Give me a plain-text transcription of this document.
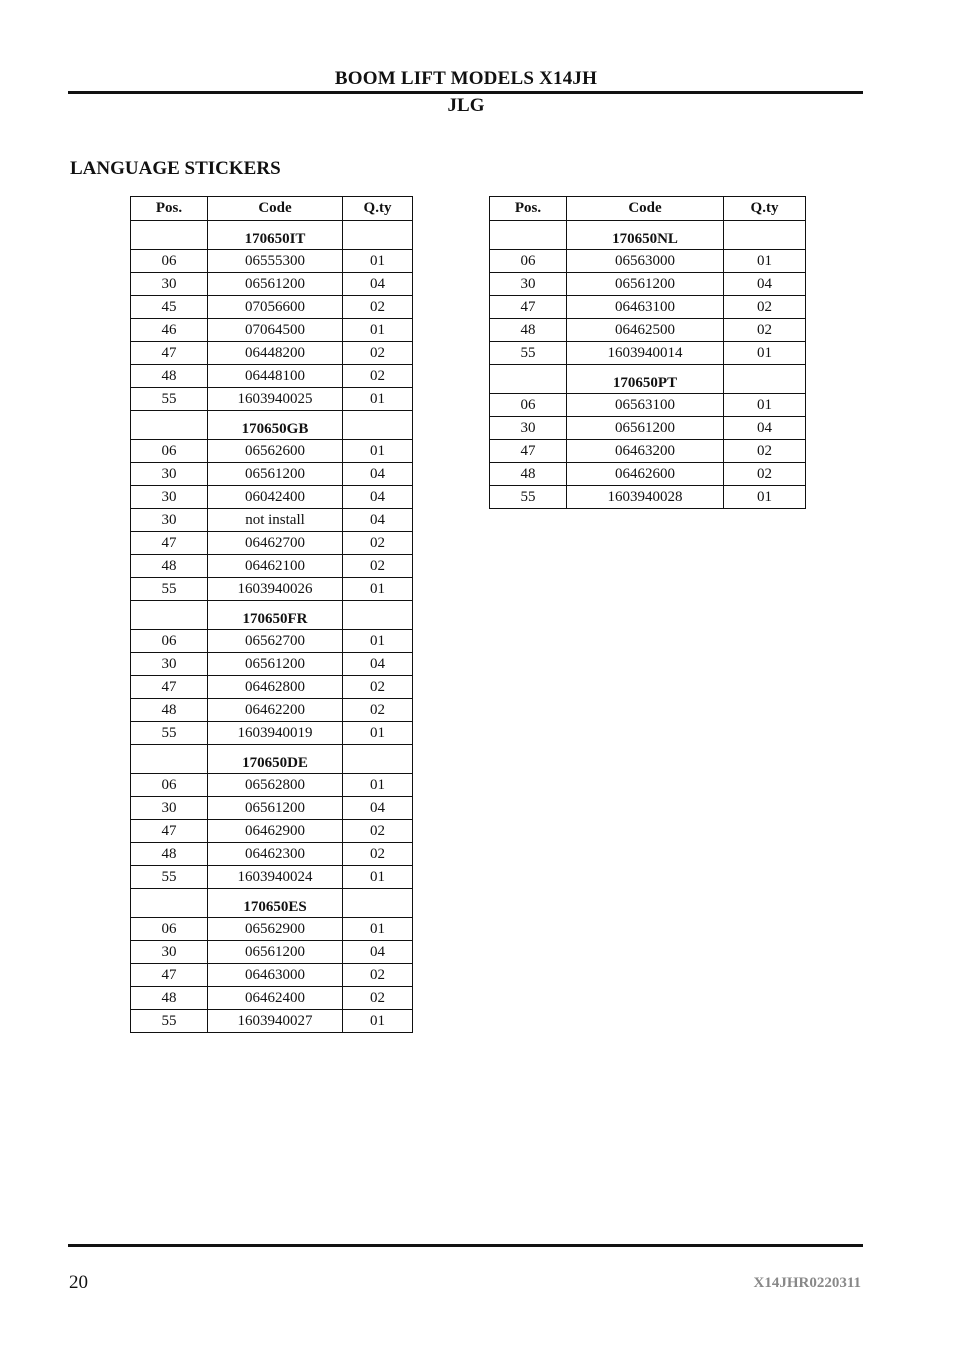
BOOM LIFT MODELS X14JH
JLG
LANGUAGE STICKERS
Pos.	Code	Q.ty
	170650IT	
06	06555300	01
30	06561200	04
45	07056600	02
46	07064500	01
47	06448200	02
48	06448100	02
55	1603940025	01
	170650GB	
06	06562600	01
30	06561200	04
30	06042400	04
30	not install	04
47	06462700	02
48	06462100	02
55	1603940026	01
	170650FR	
06	06562700	01
30	06561200	04
47	06462800	02
48	06462200	02
55	1603940019	01
	170650DE	
06	06562800	01
30	06561200	04
47	06462900	02
48	06462300	02
55	1603940024	01
	170650ES	
06	06562900	01
30	06561200	04
47	06463000	02
48	06462400	02
55	1603940027	01
Pos.	Code	Q.ty
	170650NL	
06	06563000	01
30	06561200	04
47	06463100	02
48	06462500	02
55	1603940014	01
	170650PT	
06	06563100	01
30	06561200	04
47	06463200	02
48	06462600	02
55	1603940028	01
20	X14JHR0220311
